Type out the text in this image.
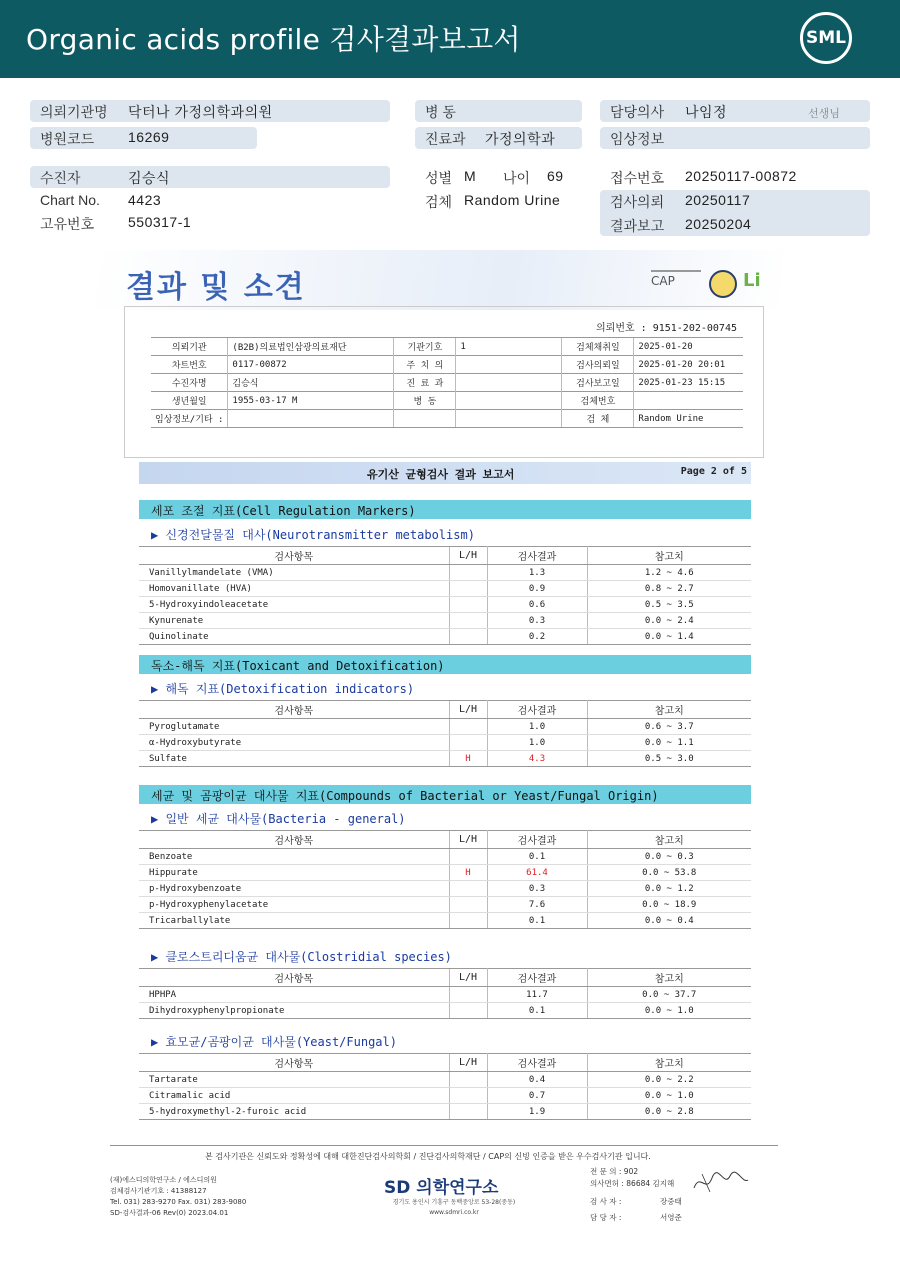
Organic acids profile 검사결과보고서	SML
의뢰기관명 닥터나 가정의학과의원
병원코드 16269
수진자	김승식
Chart No. 4423
고유번호 550317-1
병 동
진료과 가정의학과
성별 M 나이 69
검체 Random Urine
담당의사 나임정	선생님
임상정보
접수번호 20250117-00872
검사의뢰 20250117
결과보고 20250204
결과 및 소견	CAP	Li
의뢰번호 : 9151-202-00745
의뢰기관	(B2B)의료법인삼광의료재단	기관기호	1	검체채취일	2025-01-20
차트번호	0117-00872	주 치 의		검사의뢰일	2025-01-20 20:01
수진자명	김승식	진 료 과		검사보고일	2025-01-23 15:15
생년월일	1955-03-17 M	병 동		검체번호	
임상정보/기타 :				검 체	Random Urine
유기산 균형검사 결과 보고서	Page 2 of 5
세포 조절 지표(Cell Regulation Markers)
▶ 신경전달물질 대사(Neurotransmitter metabolism)
검사항목	L/H	검사결과	참고치
Vanillylmandelate (VMA)		1.3	1.2 ~ 4.6
Homovanillate (HVA)		0.9	0.8 ~ 2.7
5-Hydroxyindoleacetate		0.6	0.5 ~ 3.5
Kynurenate		0.3	0.0 ~ 2.4
Quinolinate		0.2	0.0 ~ 1.4
독소-해독 지표(Toxicant and Detoxification)
▶ 해독 지표(Detoxification indicators)
검사항목	L/H	검사결과	참고치
Pyroglutamate		1.0	0.6 ~ 3.7
α-Hydroxybutyrate		1.0	0.0 ~ 1.1
Sulfate	H	4.3	0.5 ~ 3.0
세균 및 곰팡이균 대사물 지표(Compounds of Bacterial or Yeast/Fungal Origin)
▶ 일반 세균 대사물(Bacteria - general)
검사항목	L/H	검사결과	참고치
Benzoate		0.1	0.0 ~ 0.3
Hippurate	H	61.4	0.0 ~ 53.8
p-Hydroxybenzoate		0.3	0.0 ~ 1.2
p-Hydroxyphenylacetate		7.6	0.0 ~ 18.9
Tricarballylate		0.1	0.0 ~ 0.4
▶ 클로스트리디움균 대사물(Clostridial species)
검사항목	L/H	검사결과	참고치
HPHPA		11.7	0.0 ~ 37.7
Dihydroxyphenylpropionate		0.1	0.0 ~ 1.0
▶ 효모균/곰팡이균 대사물(Yeast/Fungal)
검사항목	L/H	검사결과	참고치
Tartarate		0.4	0.0 ~ 2.2
Citramalic acid		0.7	0.0 ~ 1.0
5-hydroxymethyl-2-furoic acid		1.9	0.0 ~ 2.8
본 검사기관은 신뢰도와 정확성에 대해 대한진단검사의학회 / 진단검사의학재단 / CAP의 신빙 인증을 받은 우수검사기관 입니다.
(재)에스디의학연구소 / 에스디의원
검체검사기관기호 : 41388127
Tel. 031) 283-9270 Fax. 031) 283-9080
SD-검사결과-06 Rev(0) 2023.04.01
SD 의학연구소
경기도 용인시 기흥구 동백중앙로 53-28(중동)
www.sdmri.co.kr
전 문 의 : 902
의사면허 : 86684 김지해
검 사 자 :	장중태
담 당 자 :	서영준
